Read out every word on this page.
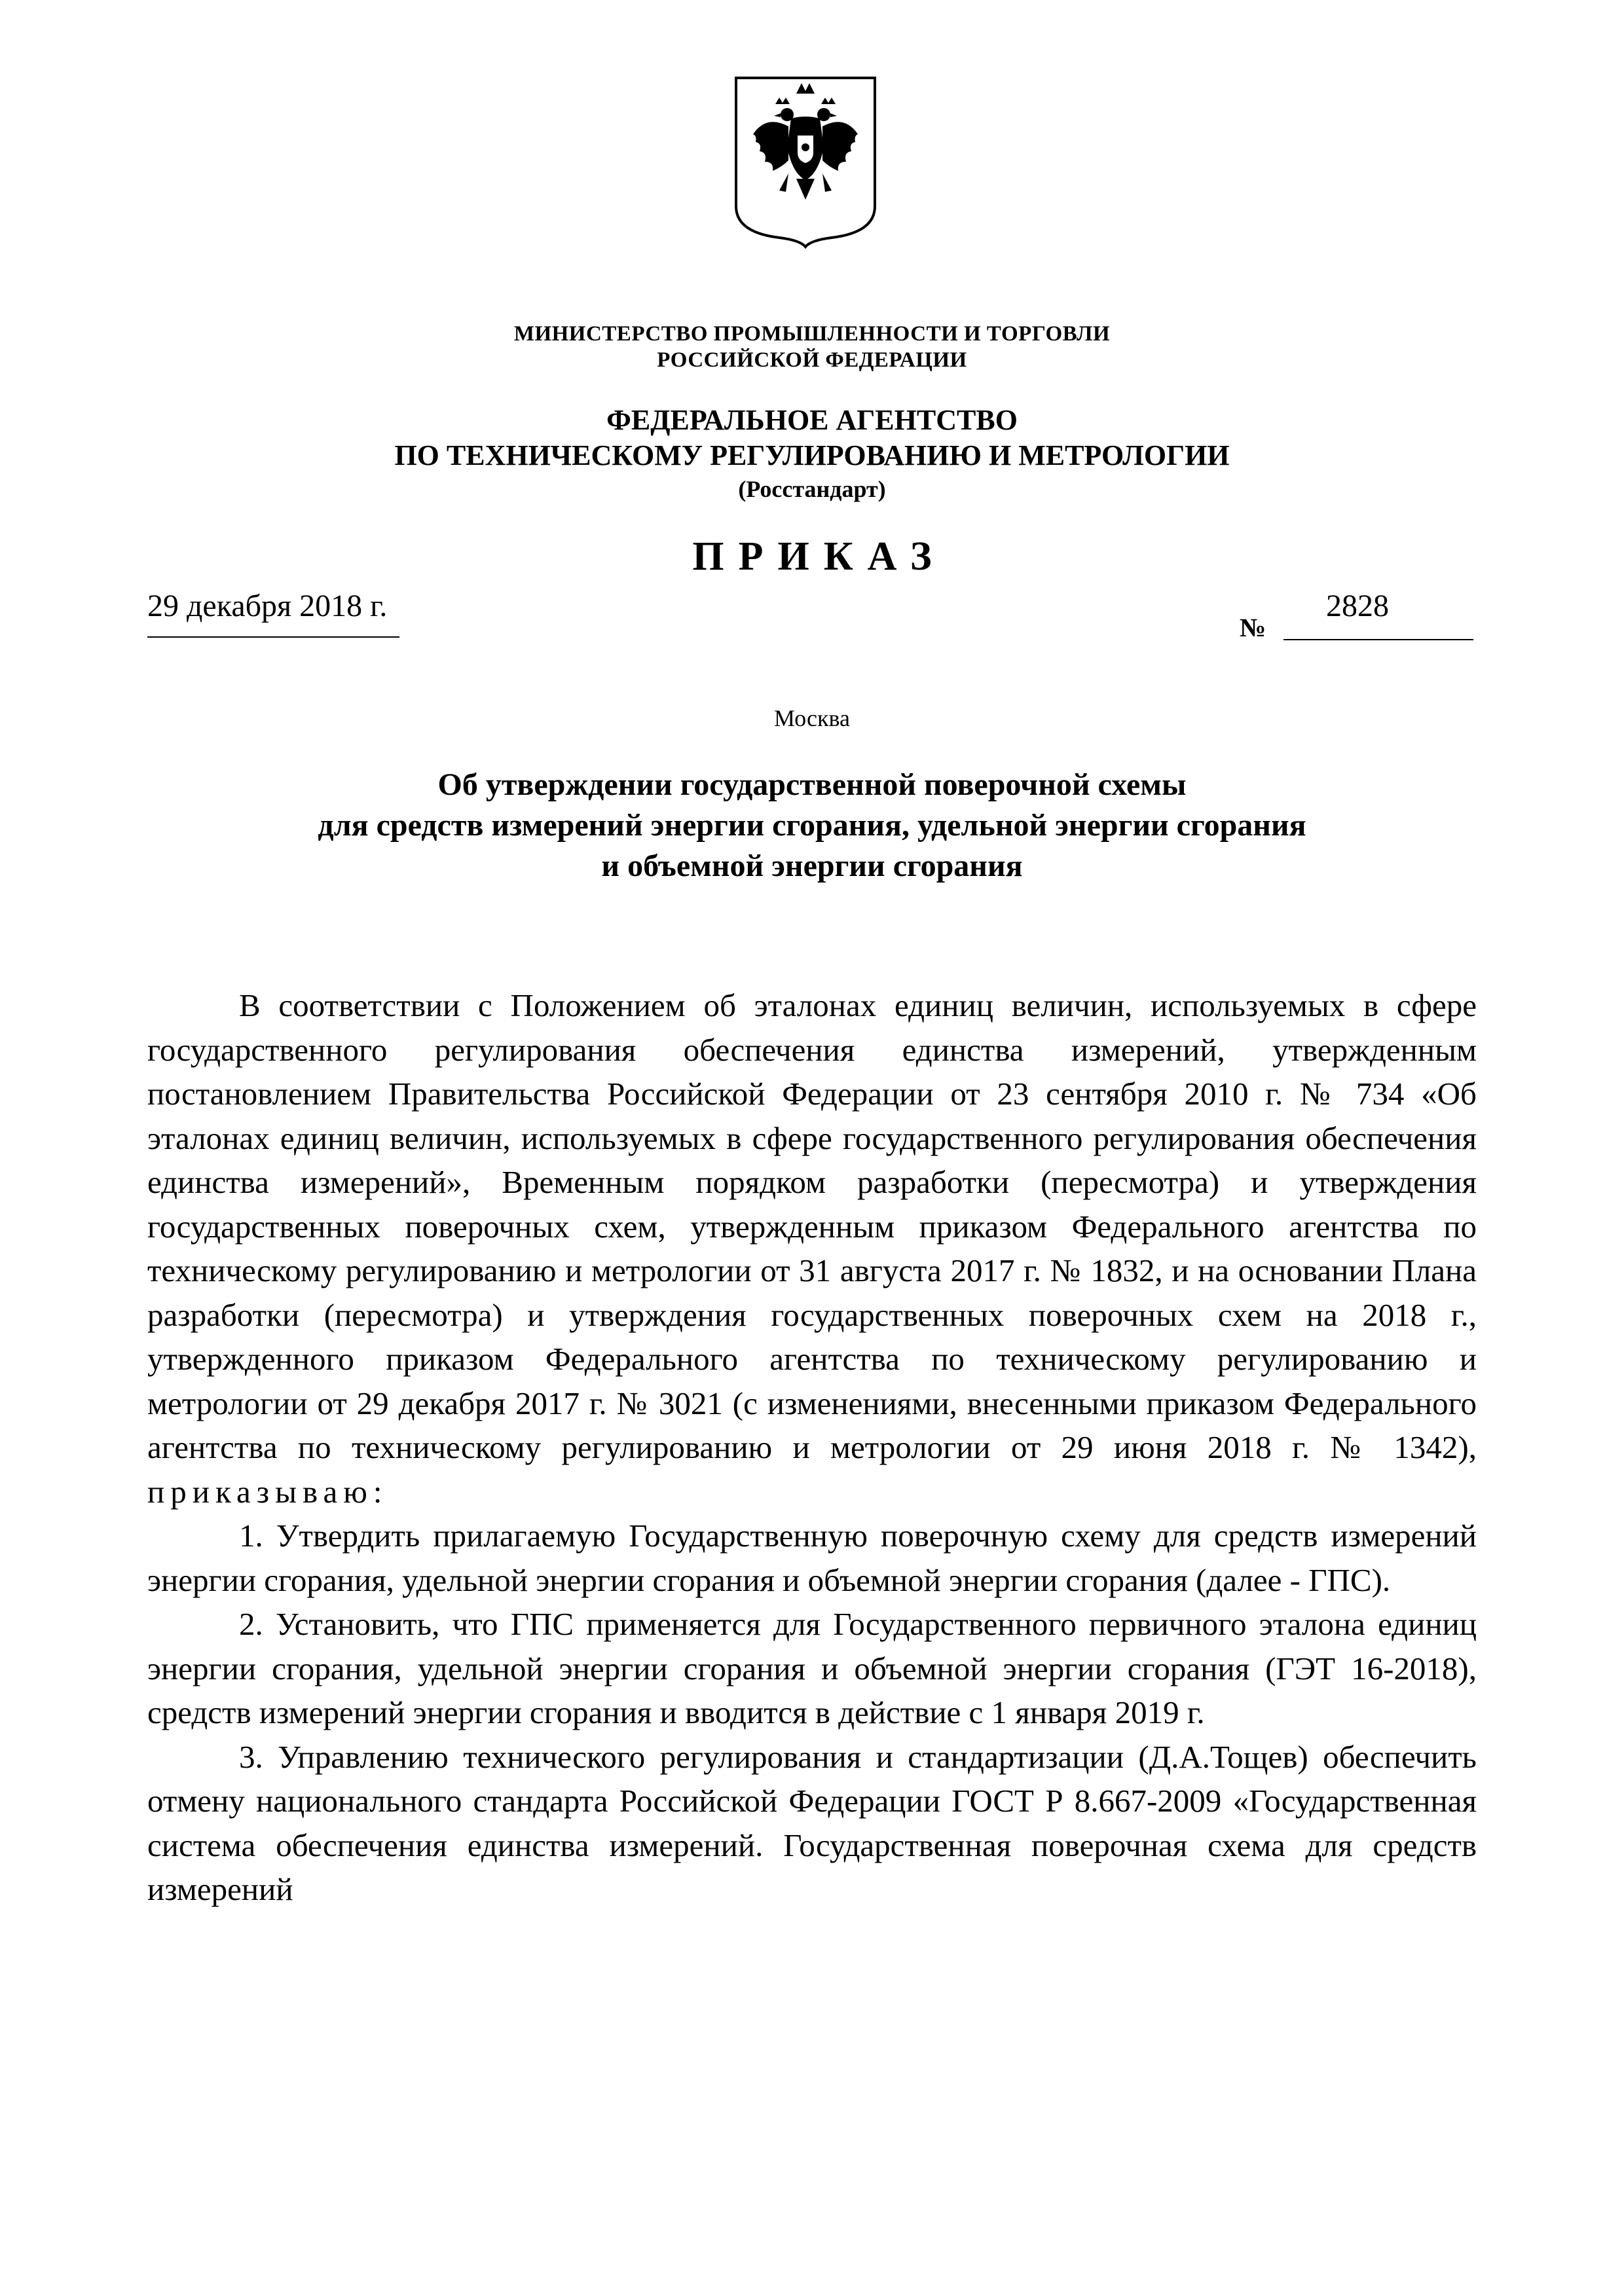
МИНИСТЕРСТВО ПРОМЫШЛЕННОСТИ И ТОРГОВЛИ
РОССИЙСКОЙ ФЕДЕРАЦИИ
ФЕДЕРАЛЬНОЕ АГЕНТСТВО
ПО ТЕХНИЧЕСКОМУ РЕГУЛИРОВАНИЮ И МЕТРОЛОГИИ
(Росстандарт)
ПРИКАЗ
29 декабря 2018 г.
№
2828
Москва
Об утверждении государственной поверочной схемы
для средств измерений энергии сгорания, удельной энергии сгорания
и объемной энергии сгорания

В соответствии с Положением об эталонах единиц величин, используемых в сфере государственного регулирования обеспечения единства измерений, утвержденным постановлением Правительства Российской Федерации от 23 сентября 2010 г. № 734 «Об эталонах единиц величин, используемых в сфере государственного регулирования обеспечения единства измерений», Временным порядком разработки (пересмотра) и утверждения государственных поверочных схем, утвержденным приказом Федерального агентства по техническому регулированию и метрологии от 31 августа 2017 г. № 1832, и на основании Плана разработки (пересмотра) и утверждения государственных поверочных схем на 2018 г., утвержденного приказом Федерального агентства по техническому регулированию и метрологии от 29 декабря 2017 г. № 3021 (с изменениями, внесенными приказом Федерального агентства по техническому регулированию и метрологии от 29 июня 2018 г. № 1342), приказываю:

1. Утвердить прилагаемую Государственную поверочную схему для средств измерений энергии сгорания, удельной энергии сгорания и объемной энергии сгорания (далее - ГПС).

2. Установить, что ГПС применяется для Государственного первичного эталона единиц энергии сгорания, удельной энергии сгорания и объемной энергии сгорания (ГЭТ 16-2018), средств измерений энергии сгорания и вводится в действие с 1 января 2019 г.

3. Управлению технического регулирования и стандартизации (Д.А.Тощев) обеспечить отмену национального стандарта Российской Федерации ГОСТ Р 8.667-2009 «Государственная система обеспечения единства измерений. Государственная поверочная схема для средств измерений
